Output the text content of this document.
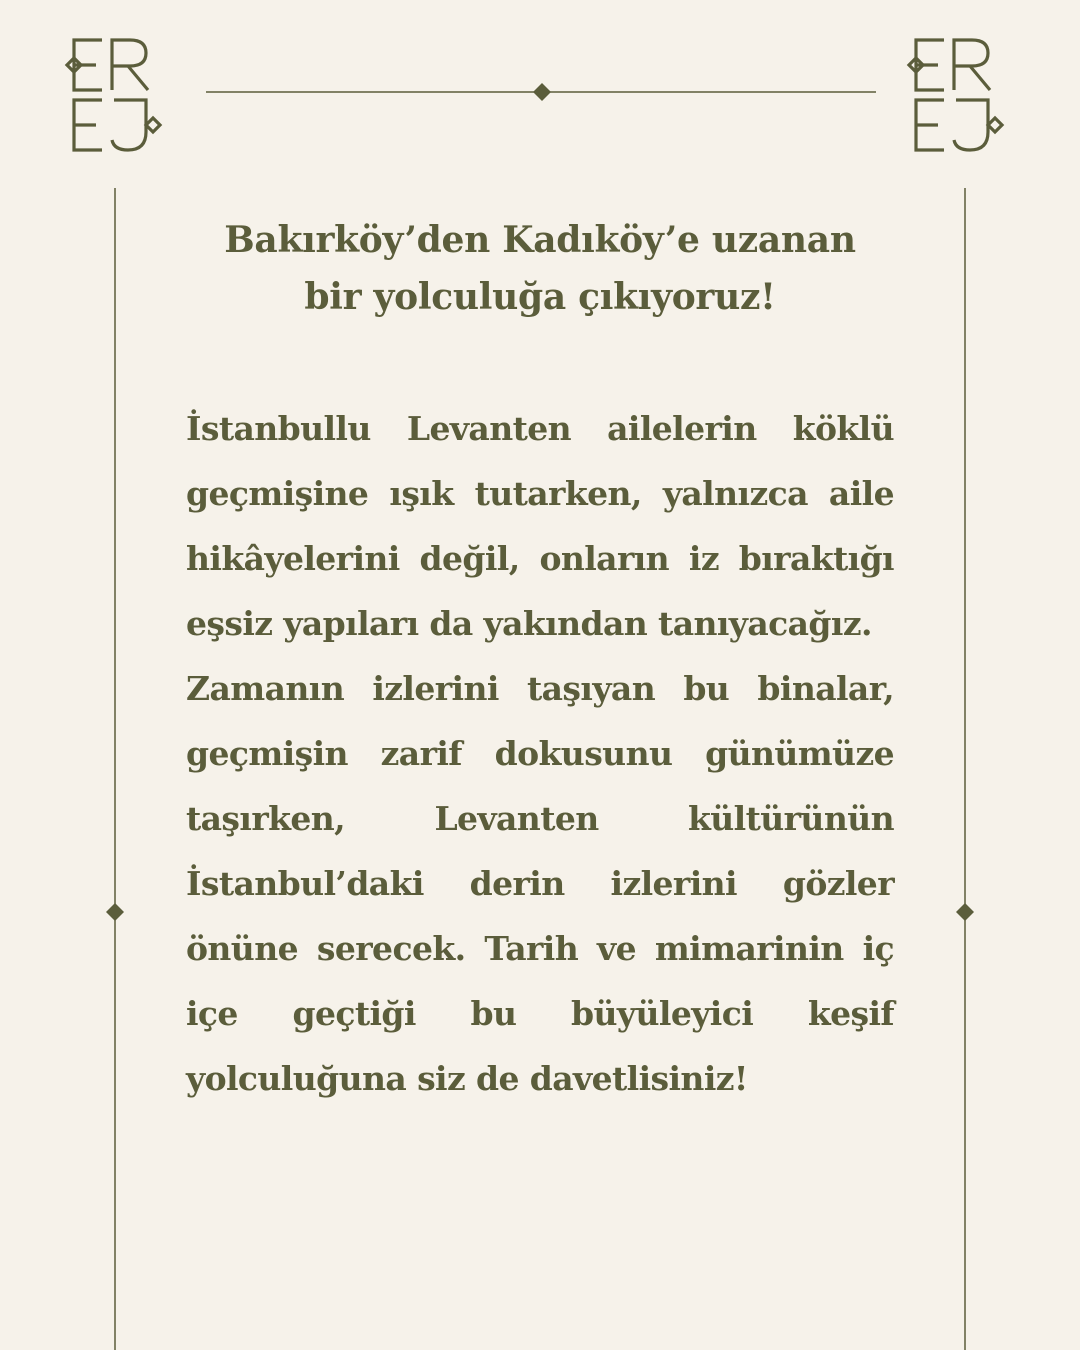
Bakırköy’den Kadıköy’e uzanan
bir yolculuğa çıkıyoruz!

İstanbullu Levanten ailelerin köklü geçmişine ışık tutarken, yalnızca aile hikâyelerini değil, onların iz bıraktığı eşsiz yapıları da yakından tanıyacağız.

Zamanın izlerini taşıyan bu binalar, geçmişin zarif dokusunu günümüze taşırken, Levanten kültürünün İstanbul’daki derin izlerini gözler önüne serecek. Tarih ve mimarinin iç içe geçtiği bu büyüleyici keşif yolculuğuna siz de davetlisiniz!
